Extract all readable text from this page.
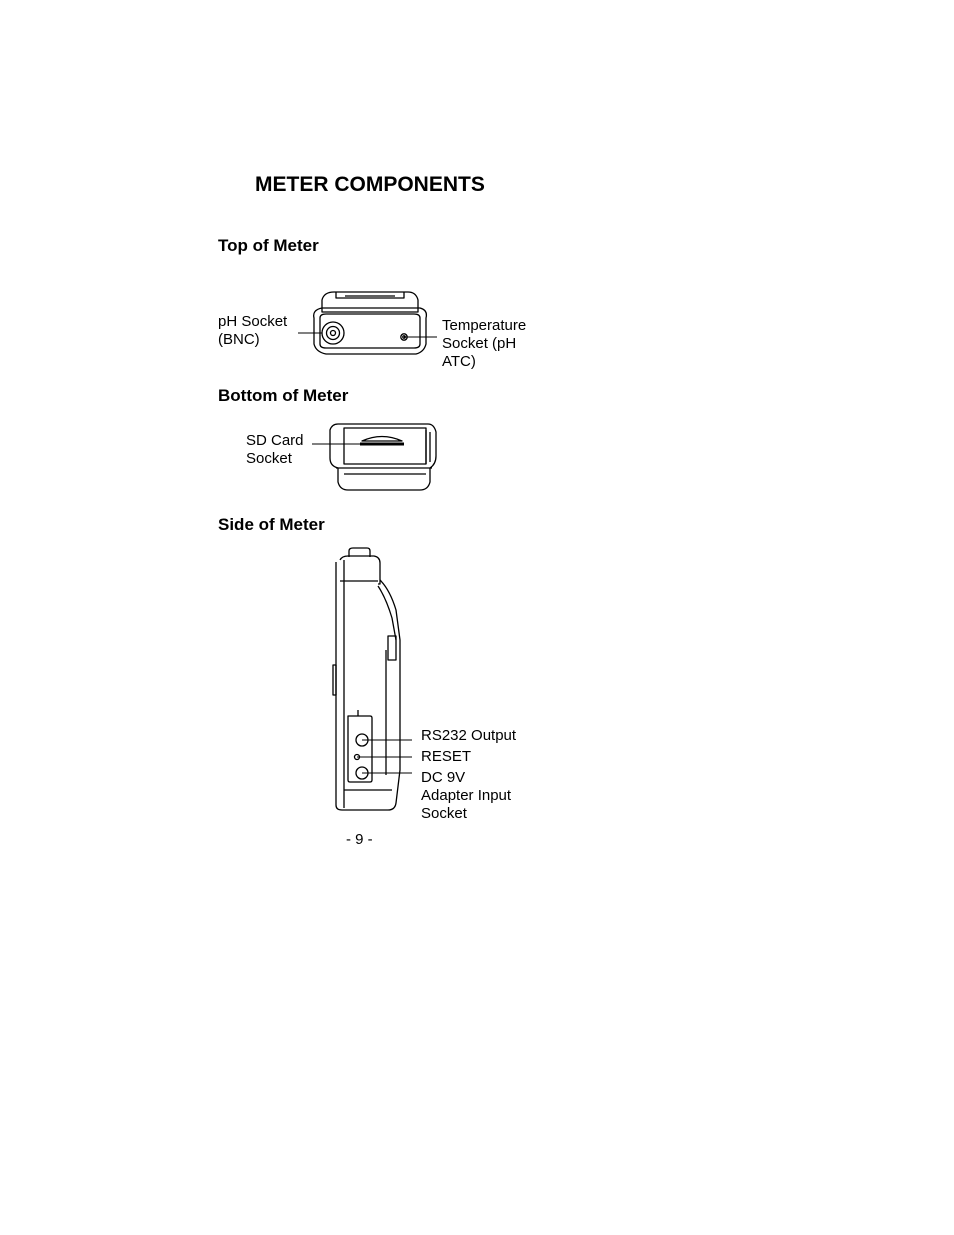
METER COMPONENTS
Top of Meter
pH Socket
(BNC)
Temperature
Socket (pH
ATC)
Bottom of Meter
SD Card
Socket
Side of Meter
RS232 Output
RESET
DC 9V
Adapter Input
Socket
- 9 -
